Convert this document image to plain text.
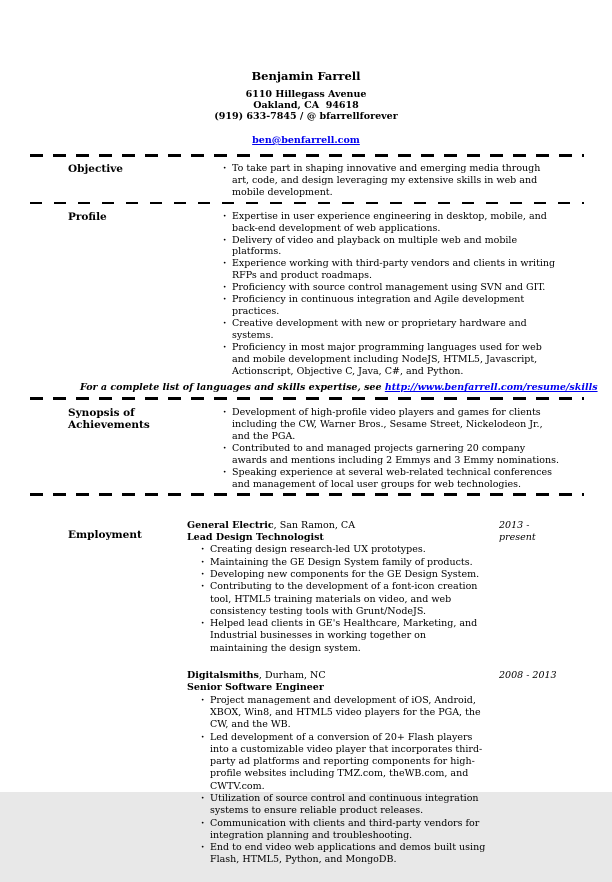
Benjamin Farrell
6110 Hillegass Avenue
Oakland, CA  94618
(919) 633-7845 / @ bfarrellforever
ben@benfarrell.com
Objective	· To take part in shaping innovative and emerging media through art, code, and design leveraging my extensive skills in web and mobile development.
Profile	· Expertise in user experience engineering in desktop, mobile, and back-end development of web applications.
· Delivery of video and playback on multiple web and mobile platforms.
· Experience working with third-party vendors and clients in writing RFPs and product roadmaps.
· Proficiency with source control management using SVN and GIT.
· Proficiency in continuous integration and Agile development practices.
· Creative development with new or proprietary hardware and systems.
· Proficiency in most major programming languages used for web and mobile development including NodeJS, HTML5, Javascript, Actionscript, Objective C, Java, C#, and Python.
For a complete list of languages and skills expertise, see http://www.benfarrell.com/resume/skills
Synopsis of Achievements
· Development of high-profile video players and games for clients including the CW, Warner Bros., Sesame Street, Nickelodeon Jr., and the PGA.
· Contributed to and managed projects garnering 20 company awards and mentions including 2 Emmys and 3 Emmy nominations.
· Speaking experience at several web-related technical conferences and management of local user groups for web technologies.
Employment
General Electric, San Ramon, CA
Lead Design Technologist
2013 - present
· Creating design research-led UX prototypes.
· Maintaining the GE Design System family of products.
· Developing new components for the GE Design System.
· Contributing to the development of a font-icon creation tool, HTML5 training materials on video, and web consistency testing tools with Grunt/NodeJS.
· Helped lead clients in GE's Healthcare, Marketing, and Industrial businesses in working together on maintaining the design system.
Digitalsmiths, Durham, NC
Senior Software Engineer
2008 - 2013
· Project management and development of iOS, Android, XBOX, Win8, and HTML5 video players for the PGA, the CW, and the WB.
· Led development of a conversion of 20+ Flash players into a customizable video player that incorporates third-party ad platforms and reporting components for high-profile websites including TMZ.com, theWB.com, and CWTV.com.
· Utilization of source control and continuous integration systems to ensure reliable product releases.
· Communication with clients and third-party vendors for integration planning and troubleshooting.
· End to end video web applications and demos built using Flash, HTML5, Python, and MongoDB.
